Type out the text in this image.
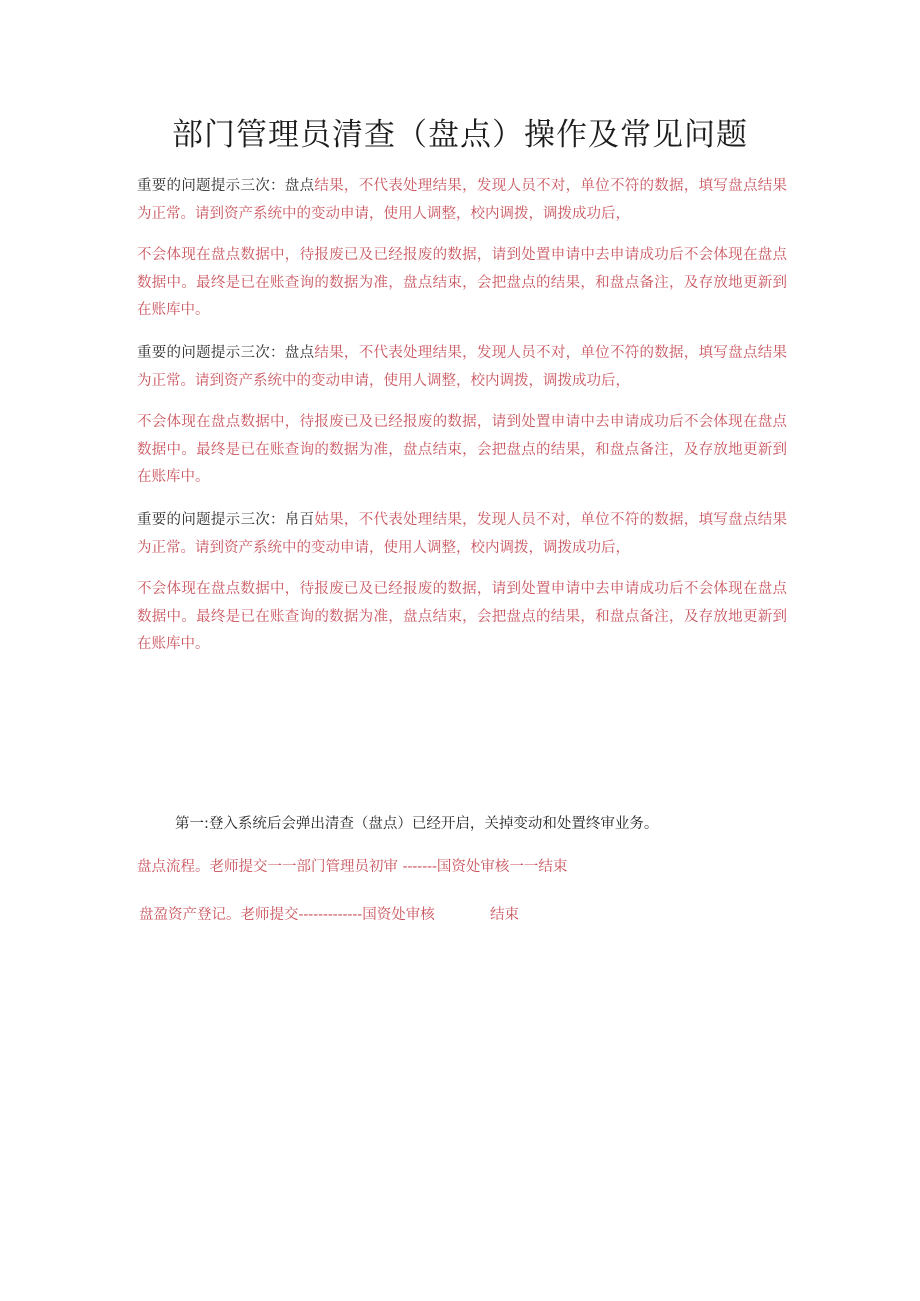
部门管理员清查（盘点）操作及常见问题
重要的问题提示三次：盘点结果，不代表处理结果，发现人员不对，单位不符的数据，填写盘点结果为正常。请到资产系统中的变动申请，使用人调整，校内调拨，调拨成功后，
不会体现在盘点数据中，待报废已及已经报废的数据，请到处置申请中去申请成功后不会体现在盘点数据中。最终是已在账查询的数据为准，盘点结束，会把盘点的结果，和盘点备注，及存放地更新到在账库中。
重要的问题提示三次：盘点结果，不代表处理结果，发现人员不对，单位不符的数据，填写盘点结果为正常。请到资产系统中的变动申请，使用人调整，校内调拨，调拨成功后，
不会体现在盘点数据中，待报废已及已经报废的数据，请到处置申请中去申请成功后不会体现在盘点数据中。最终是已在账查询的数据为准，盘点结束，会把盘点的结果，和盘点备注，及存放地更新到在账库中。
重要的问题提示三次：帛百姑果，不代表处理结果，发现人员不对，单位不符的数据，填写盘点结果为正常。请到资产系统中的变动申请，使用人调整，校内调拨，调拨成功后，
不会体现在盘点数据中，待报废已及已经报废的数据，请到处置申请中去申请成功后不会体现在盘点数据中。最终是已在账查询的数据为准，盘点结束，会把盘点的结果，和盘点备注，及存放地更新到在账库中。
第一:登入系统后会弹出清查（盘点）已经开启，关掉变动和处置终审业务。
盘点流程。老师提交一一部门管理员初审 -------国资处审核一一结束
盘盈资产登记。老师提交-------------国资处审核            结束
